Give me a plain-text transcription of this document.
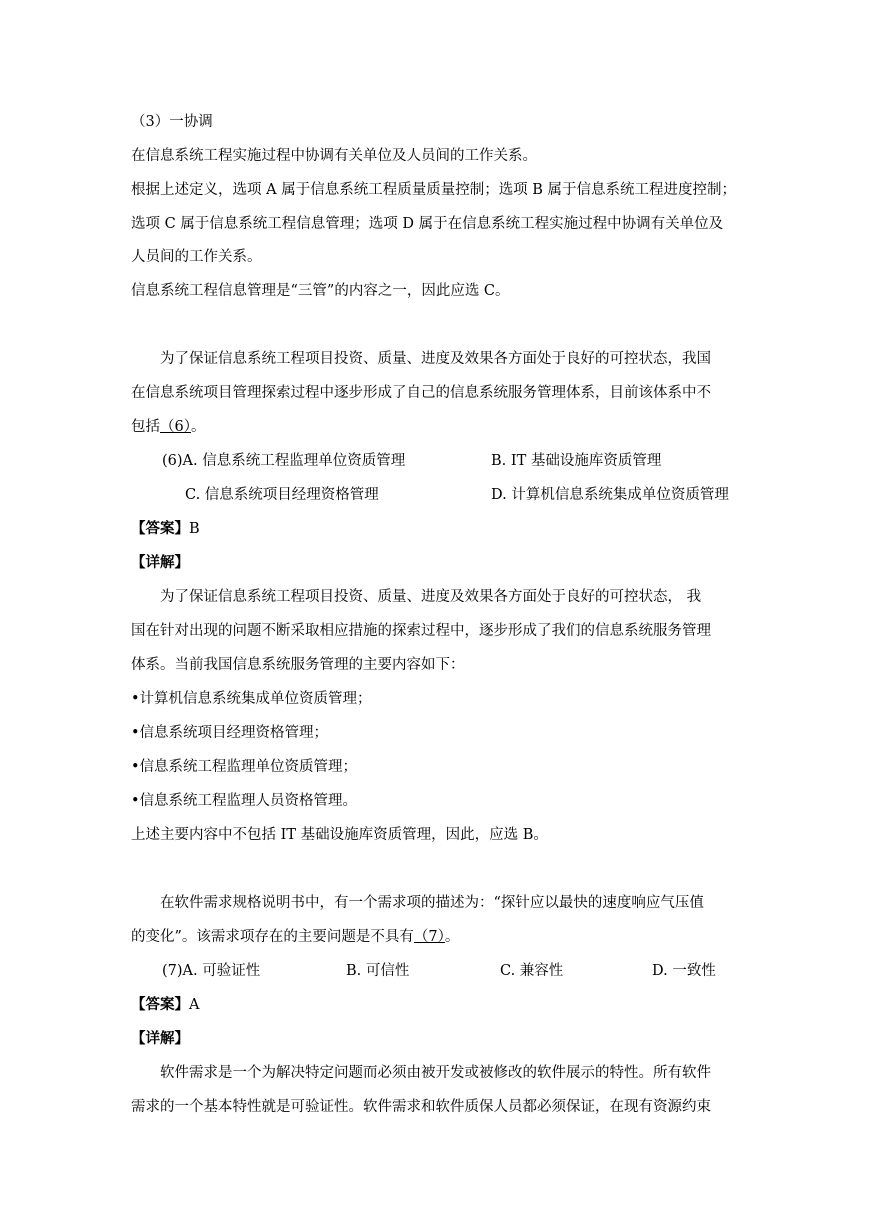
（3）一协调
在信息系统工程实施过程中协调有关单位及人员间的工作关系。
根据上述定义，选项 A 属于信息系统工程质量质量控制；选项 B 属于信息系统工程进度控制；
选项 C 属于信息系统工程信息管理；选项 D 属于在信息系统工程实施过程中协调有关单位及
人员间的工作关系。
信息系统工程信息管理是“三管”的内容之一，因此应选 C。
为了保证信息系统工程项目投资、质量、进度及效果各方面处于良好的可控状态，我国
在信息系统项目管理探索过程中逐步形成了自己的信息系统服务管理体系，目前该体系中不
包括（6）。
(6)A. 信息系统工程监理单位资质管理	B. IT 基础设施库资质管理
C. 信息系统项目经理资格管理	D. 计算机信息系统集成单位资质管理
【答案】B
【详解】
为了保证信息系统工程项目投资、质量、进度及效果各方面处于良好的可控状态， 我
国在针对出现的问题不断采取相应措施的探索过程中，逐步形成了我们的信息系统服务管理
体系。当前我国信息系统服务管理的主要内容如下：
•计算机信息系统集成单位资质管理；
•信息系统项目经理资格管理；
•信息系统工程监理单位资质管理；
•信息系统工程监理人员资格管理。
上述主要内容中不包括 IT 基础设施库资质管理，因此，应选 B。
在软件需求规格说明书中，有一个需求项的描述为：“探针应以最快的速度响应气压值
的变化”。该需求项存在的主要问题是不具有（7）。
(7)A. 可验证性	B. 可信性	C. 兼容性	D. 一致性
【答案】A
【详解】
软件需求是一个为解决特定问题而必须由被开发或被修改的软件展示的特性。所有软件
需求的一个基本特性就是可验证性。软件需求和软件质保人员都必须保证，在现有资源约束
